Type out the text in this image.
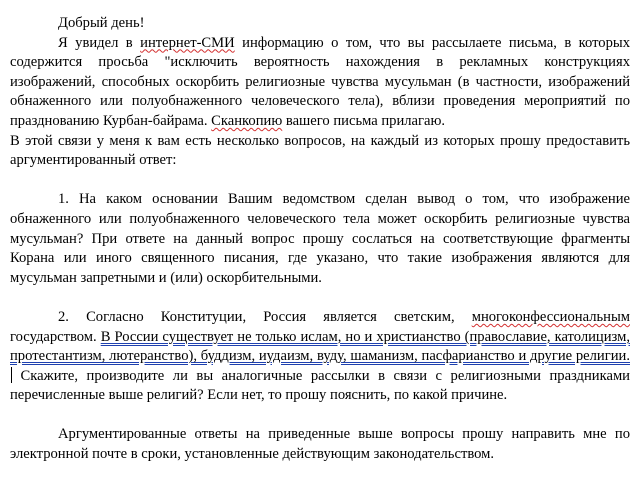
Добрый день!

Я увидел в интернет-СМИ информацию о том, что вы рассылаете письма, в которых содержится просьба "исключить вероятность нахождения в рекламных конструкциях изображений, способных оскорбить религиозные чувства мусульман (в частности, изображений обнаженного или полуобнаженного человеческого тела), вблизи проведения мероприятий по празднованию Курбан-байрама. Сканкопию вашего письма прилагаю.

В этой связи у меня к вам есть несколько вопросов, на каждый из которых прошу предоставить аргументированный ответ:

1. На каком основании Вашим ведомством сделан вывод о том, что изображение обнаженного или полуобнаженного человеческого тела может оскорбить религиозные чувства мусульман? При ответе на данный вопрос прошу сослаться на соответствующие фрагменты Корана или иного священного писания, где указано, что такие изображения являются для мусульман запретными и (или) оскорбительными.

2. Согласно Конституции, Россия является светским, многоконфессиональным государством. В России существует не только ислам, но и христианство (православие, католицизм, протестантизм, лютеранство), буддизм, иудаизм, вуду, шаманизм, пасфарианство и другие религии. Скажите, производите ли вы аналогичные рассылки в связи с религиозными праздниками перечисленные выше религий? Если нет, то прошу пояснить, по какой причине.

Аргументированные ответы на приведенные выше вопросы прошу направить мне по электронной почте в сроки, установленные действующим законодательством.
